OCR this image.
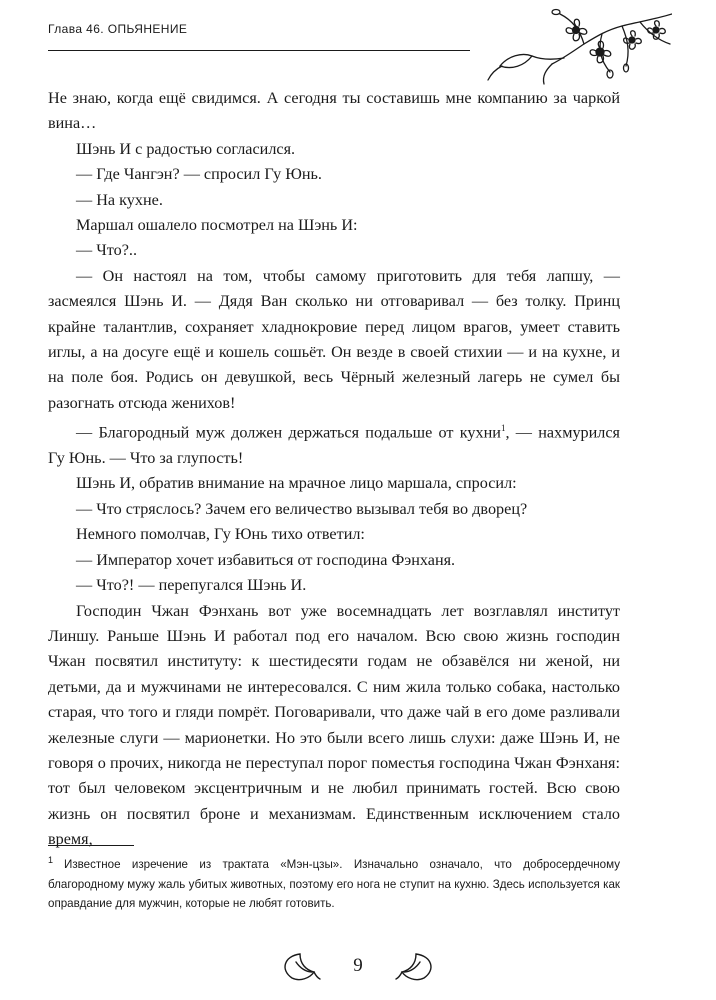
Глава 46. ОПЬЯНЕНИЕ

Не знаю, когда ещё свидимся. А сегодня ты составишь мне компанию за чаркой вина…

Шэнь И с радостью согласился.

— Где Чангэн? — спросил Гу Юнь.

— На кухне.

Маршал ошалело посмотрел на Шэнь И:

— Что?..

— Он настоял на том, чтобы самому приготовить для тебя лапшу, — засмеялся Шэнь И. — Дядя Ван сколько ни отговаривал — без толку. Принц крайне талантлив, сохраняет хладнокровие перед лицом врагов, умеет ставить иглы, а на досуге ещё и кошель сошьёт. Он везде в своей стихии — и на кухне, и на поле боя. Родись он девушкой, весь Чёрный железный лагерь не сумел бы разогнать отсюда женихов!

— Благородный муж должен держаться подальше от кухни$^1$, — нахмурился Гу Юнь. — Что за глупость!

Шэнь И, обратив внимание на мрачное лицо маршала, спросил:

— Что стряслось? Зачем его величество вызывал тебя во дворец?

Немного помолчав, Гу Юнь тихо ответил:

— Император хочет избавиться от господина Фэнханя.

— Что?! — перепугался Шэнь И.

Господин Чжан Фэнхань вот уже восемнадцать лет возглавлял институт Линшу. Раньше Шэнь И работал под его началом. Всю свою жизнь господин Чжан посвятил институту: к шестидесяти годам не обзавёлся ни женой, ни детьми, да и мужчинами не интересовался. С ним жила только собака, настолько старая, что того и гляди помрёт. Поговаривали, что даже чай в его доме разливали железные слуги — марионетки. Но это были всего лишь слухи: даже Шэнь И, не говоря о прочих, никогда не переступал порог поместья господина Чжан Фэнханя: тот был человеком эксцентричным и не любил принимать гостей. Всю свою жизнь он посвятил броне и механизмам. Единственным исключением стало время,

1 Известное изречение из трактата «Мэн-цзы». Изначально означало, что добросердечному благородному мужу жаль убитых животных, поэтому его нога не ступит на кухню. Здесь используется как оправдание для мужчин, которые не любят готовить.

9
